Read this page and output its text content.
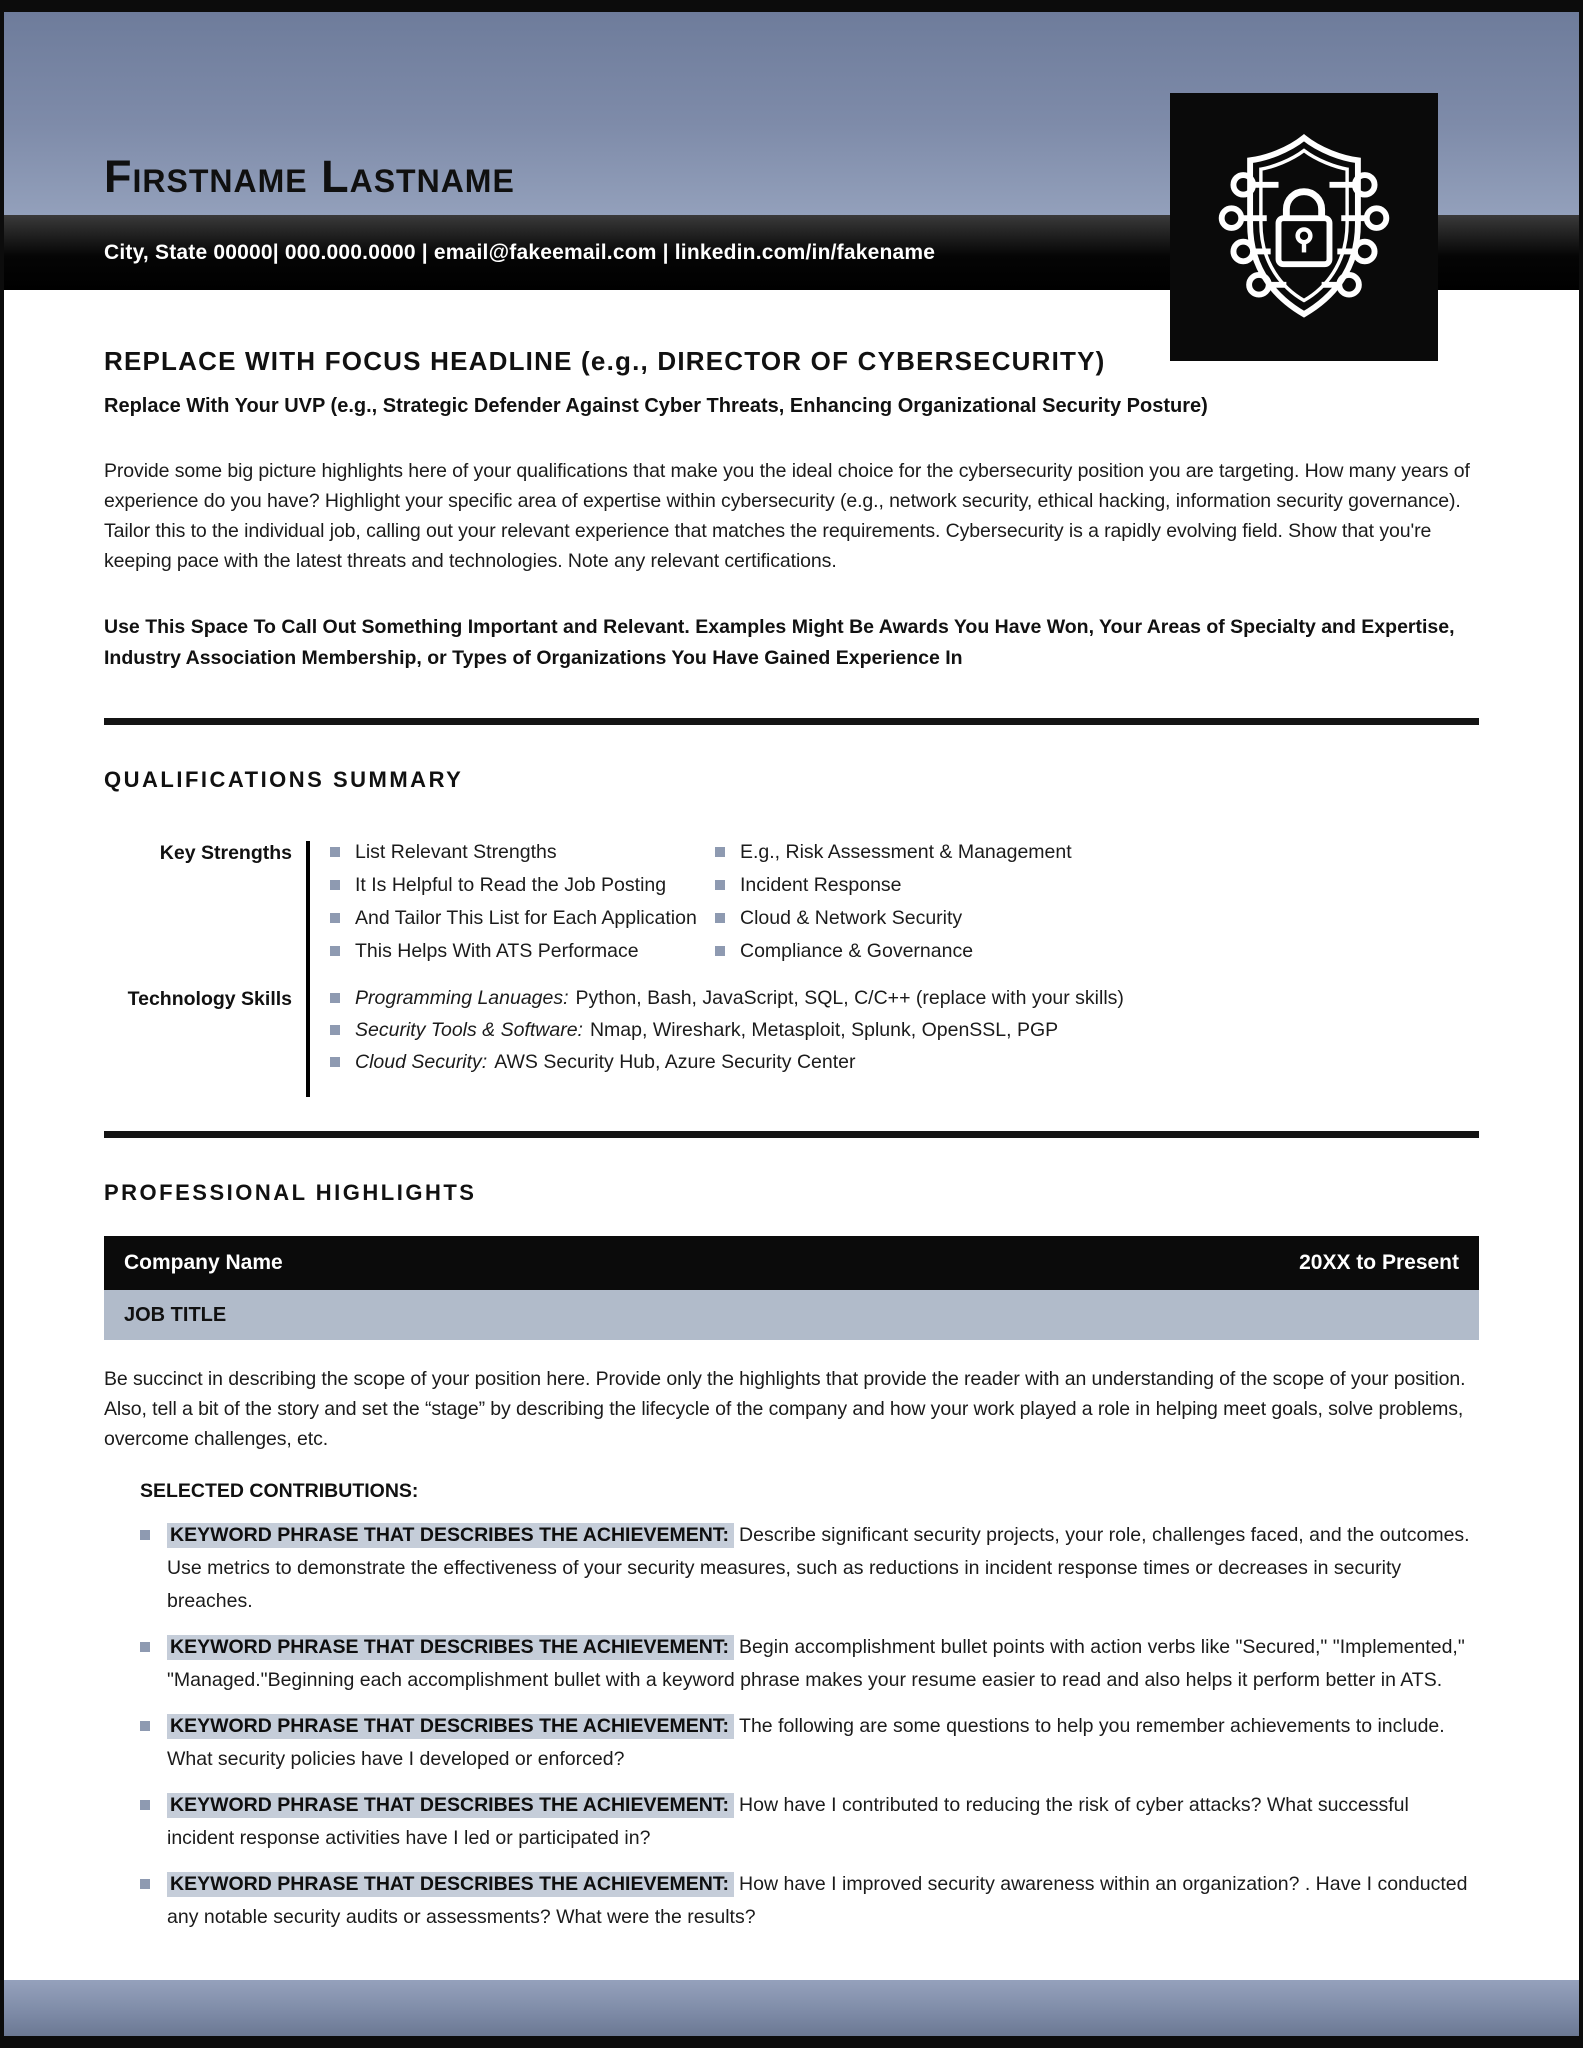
Firstname Lastname
City, State 00000| 000.000.0000 | email@fakeemail.com | linkedin.com/in/fakename
REPLACE WITH FOCUS HEADLINE (e.g., DIRECTOR OF CYBERSECURITY)

Replace With Your UVP (e.g., Strategic Defender Against Cyber Threats, Enhancing Organizational Security Posture)

Provide some big picture highlights here of your qualifications that make you the ideal choice for the cybersecurity position you are targeting. How many years of experience do you have? Highlight your specific area of expertise within cybersecurity (e.g., network security, ethical hacking, information security governance). Tailor this to the individual job, calling out your relevant experience that matches the requirements. Cybersecurity is a rapidly evolving field. Show that you're keeping pace with the latest threats and technologies. Note any relevant certifications.

Use This Space To Call Out Something Important and Relevant. Examples Might Be Awards You Have Won, Your Areas of Specialty and Expertise, Industry Association Membership, or Types of Organizations You Have Gained Experience In

QUALIFICATIONS SUMMARY
Key Strengths	List Relevant Strengths
It Is Helpful to Read the Job Posting
And Tailor This List for Each Application
This Helps With ATS Performace
E.g., Risk Assessment & Management
Incident Response
Cloud & Network Security
Compliance & Governance
Technology Skills	Programming Lanuages: Python, Bash, JavaScript, SQL, C/C++ (replace with your skills)
Security Tools & Software: Nmap, Wireshark, Metasploit, Splunk, OpenSSL, PGP
Cloud Security: AWS Security Hub, Azure Security Center
PROFESSIONAL HIGHLIGHTS
Company Name	20XX to Present
JOB TITLE

Be succinct in describing the scope of your position here. Provide only the highlights that provide the reader with an understanding of the scope of your position. Also, tell a bit of the story and set the “stage” by describing the lifecycle of the company and how your work played a role in helping meet goals, solve problems, overcome challenges, etc.

SELECTED CONTRIBUTIONS:
KEYWORD PHRASE THAT DESCRIBES THE ACHIEVEMENT: Describe significant security projects, your role, challenges faced, and the outcomes. Use metrics to demonstrate the effectiveness of your security measures, such as reductions in incident response times or decreases in security breaches.
KEYWORD PHRASE THAT DESCRIBES THE ACHIEVEMENT: Begin accomplishment bullet points with action verbs like "Secured," "Implemented," "Managed."Beginning each accomplishment bullet with a keyword phrase makes your resume easier to read and also helps it perform better in ATS.
KEYWORD PHRASE THAT DESCRIBES THE ACHIEVEMENT: The following are some questions to help you remember achievements to include. What security policies have I developed or enforced?
KEYWORD PHRASE THAT DESCRIBES THE ACHIEVEMENT: How have I contributed to reducing the risk of cyber attacks? What successful incident response activities have I led or participated in?
KEYWORD PHRASE THAT DESCRIBES THE ACHIEVEMENT: How have I improved security awareness within an organization? . Have I conducted any notable security audits or assessments? What were the results?
